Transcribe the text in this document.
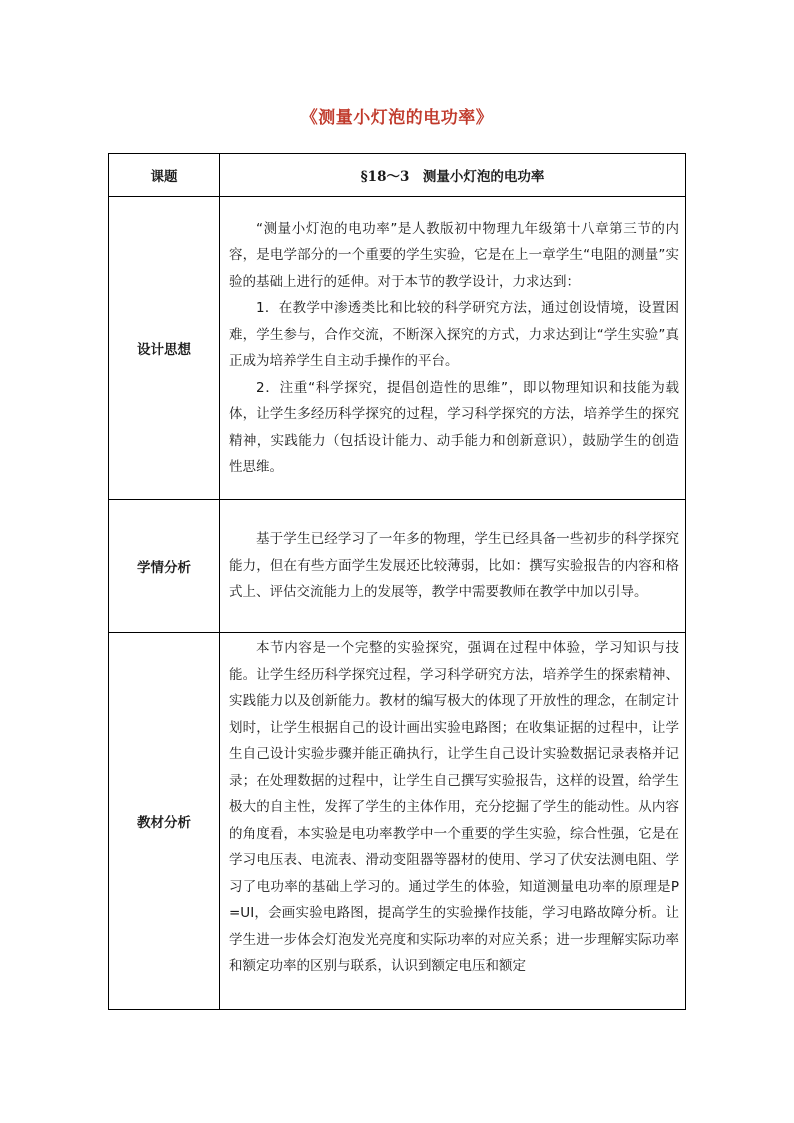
《测量小灯泡的电功率》
课题	§18～3　测量小灯泡的电功率
设计思想	“测量小灯泡的电功率”是人教版初中物理九年级第十八章第三节的内容，是电学部分的一个重要的学生实验，它是在上一章学生“电阻的测量”实验的基础上进行的延伸。对于本节的教学设计，力求达到：

1．在教学中渗透类比和比较的科学研究方法，通过创设情境，设置困难，学生参与，合作交流，不断深入探究的方式，力求达到让“学生实验”真正成为培养学生自主动手操作的平台。

2．注重“科学探究，提倡创造性的思维”，即以物理知识和技能为载体，让学生多经历科学探究的过程，学习科学探究的方法，培养学生的探究精神，实践能力（包括设计能力、动手能力和创新意识），鼓励学生的创造性思维。

学情分析	基于学生已经学习了一年多的物理，学生已经具备一些初步的科学探究能力，但在有些方面学生发展还比较薄弱，比如：撰写实验报告的内容和格式上、评估交流能力上的发展等，教学中需要教师在教学中加以引导。

教材分析	本节内容是一个完整的实验探究，强调在过程中体验，学习知识与技能。让学生经历科学探究过程，学习科学研究方法，培养学生的探索精神、实践能力以及创新能力。教材的编写极大的体现了开放性的理念，在制定计划时，让学生根据自己的设计画出实验电路图；在收集证据的过程中，让学生自己设计实验步骤并能正确执行，让学生自己设计实验数据记录表格并记录；在处理数据的过程中，让学生自己撰写实验报告，这样的设置，给学生极大的自主性，发挥了学生的主体作用，充分挖掘了学生的能动性。从内容的角度看，本实验是电功率教学中一个重要的学生实验，综合性强，它是在学习电压表、电流表、滑动变阻器等器材的使用、学习了伏安法测电阻、学习了电功率的基础上学习的。通过学生的体验，知道测量电功率的原理是P=UI，会画实验电路图，提高学生的实验操作技能，学习电路故障分析。让学生进一步体会灯泡发光亮度和实际功率的对应关系；进一步理解实际功率和额定功率的区别与联系，认识到额定电压和额定
